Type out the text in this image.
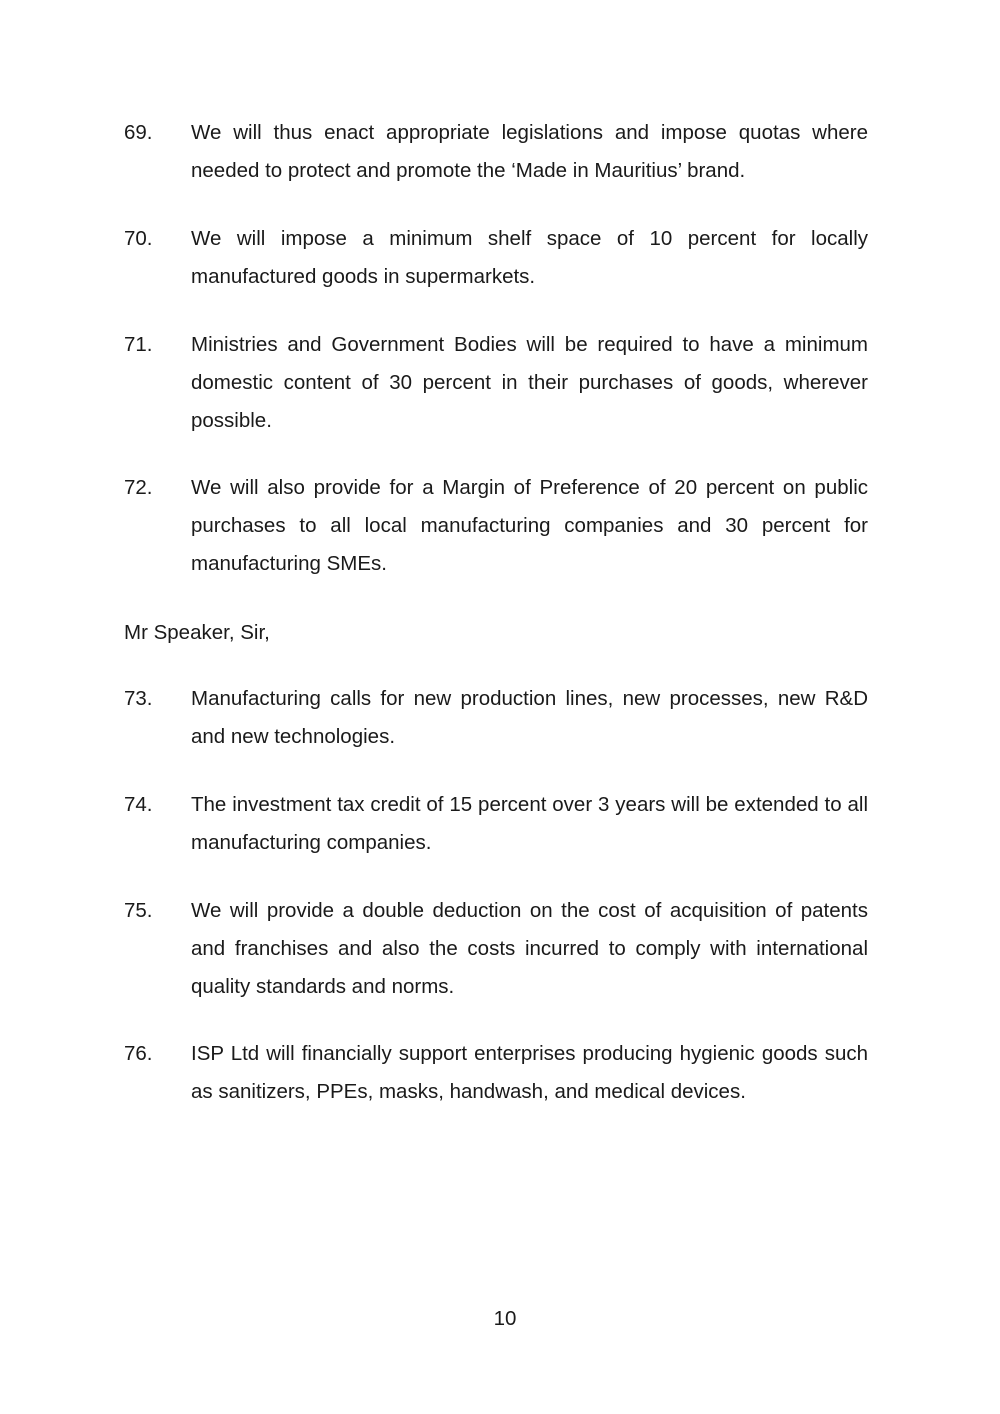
69.	We will thus enact appropriate legislations and impose quotas where needed to protect and promote the ‘Made in Mauritius’ brand.
70.	We will impose a minimum shelf space of 10 percent for locally manufactured goods in supermarkets.
71.	Ministries and Government Bodies will be required to have a minimum domestic content of 30 percent in their purchases of goods, wherever possible.
72.	We will also provide for a Margin of Preference of 20 percent on public purchases to all local manufacturing companies and 30 percent for manufacturing SMEs.
Mr Speaker, Sir,
73.	Manufacturing calls for new production lines, new processes, new R&D and new technologies.
74.	The investment tax credit of 15 percent over 3 years will be extended to all manufacturing companies.
75.	We will provide a double deduction on the cost of acquisition of patents and franchises and also the costs incurred to comply with international quality standards and norms.
76.	ISP Ltd will financially support enterprises producing hygienic goods such as sanitizers, PPEs, masks, handwash, and medical devices.
10
